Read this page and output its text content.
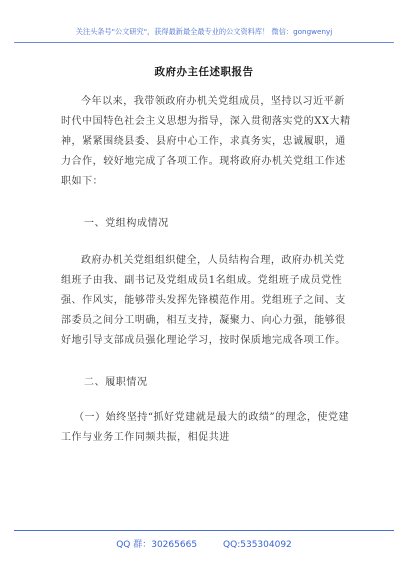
关注头条号"公文研究"，获得最新最全最专业的公文资料库！ 微信：gongwenyj
政府办主任述职报告
今年以来，我带领政府办机关党组成员，坚持以习近平新时代中国特色社会主义思想为指导，深入贯彻落实党的XX大精神，紧紧围绕县委、县府中心工作，求真务实，忠诚履职，通力合作，较好地完成了各项工作。现将政府办机关党组工作述职如下：
一、党组构成情况
政府办机关党组组织健全，人员结构合理，政府办机关党组班子由我、副书记及党组成员1名组成。党组班子成员党性强、作风实，能够带头发挥先锋模范作用。党组班子之间、支部委员之间分工明确，相互支持，凝聚力、向心力强，能够很好地引导支部成员强化理论学习，按时保质地完成各项工作。
二、履职情况
（一）始终坚持“抓好党建就是最大的政绩”的理念，使党建工作与业务工作同频共振，相促共进
QQ 群：30265665	QQ:535304092
